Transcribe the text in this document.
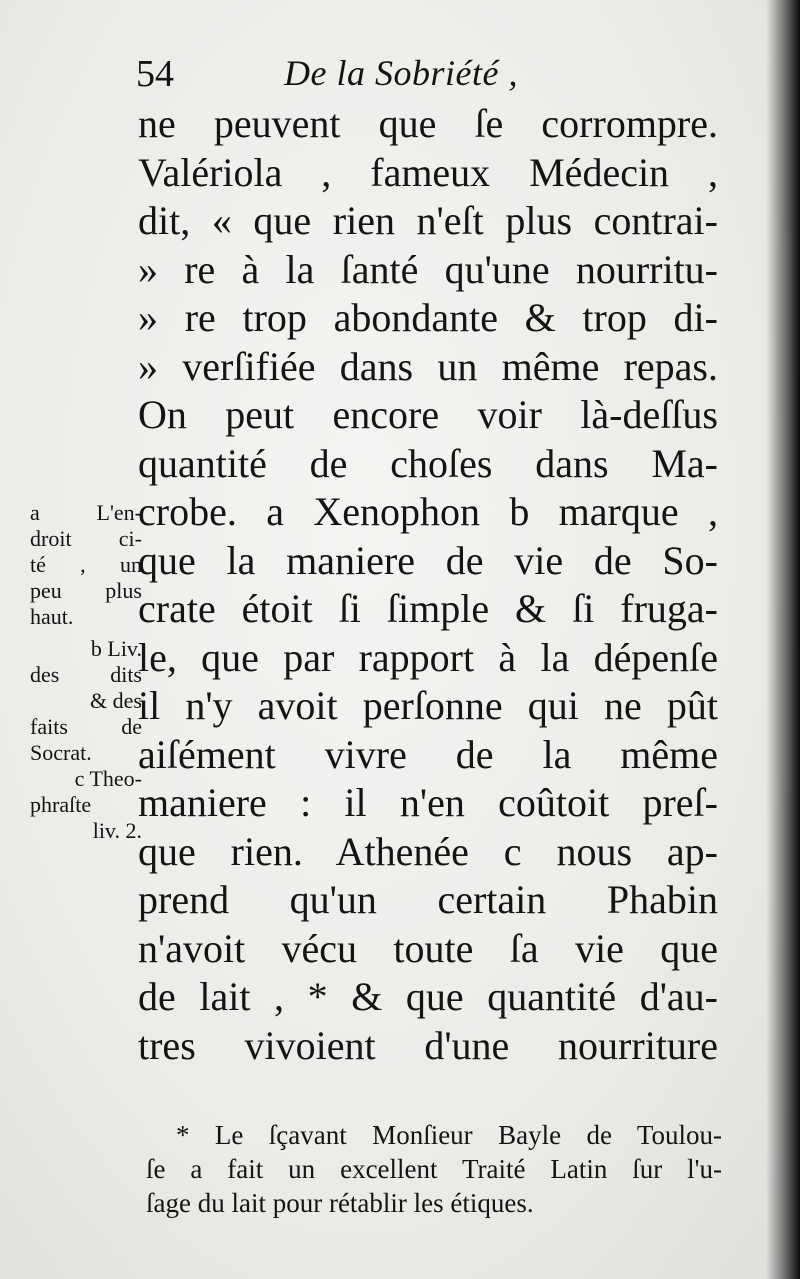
54	De la Sobriété ,
ne peuvent que ſe corrompre.
Valériola , fameux Médecin ,
dit, « que rien n'eſt plus contrai-
» re à la ſanté qu'une nourritu-
» re trop abondante & trop di-
» verſifiée dans un même repas.
On peut encore voir là-deſſus
quantité de choſes dans Ma-
crobe. a Xenophon b marque ,
que la maniere de vie de So-
crate étoit ſi ſimple & ſi fruga-
le, que par rapport à la dépenſe
il n'y avoit perſonne qui ne pût
aiſément vivre de la même
maniere : il n'en coûtoit preſ-
que rien. Athenée c nous ap-
prend qu'un certain Phabin
n'avoit vécu toute ſa vie que
de lait , * & que quantité d'au-
tres vivoient d'une nourriture
a L'en-
droit ci-
té , un
peu plus
haut.
b Liv.
des dits
& des
faits de
Socrat.
c Theo-
phraſte
liv. 2.
* Le ſçavant Monſieur Bayle de Toulou-
ſe a fait un excellent Traité Latin ſur l'u-
ſage du lait pour rétablir les étiques.
